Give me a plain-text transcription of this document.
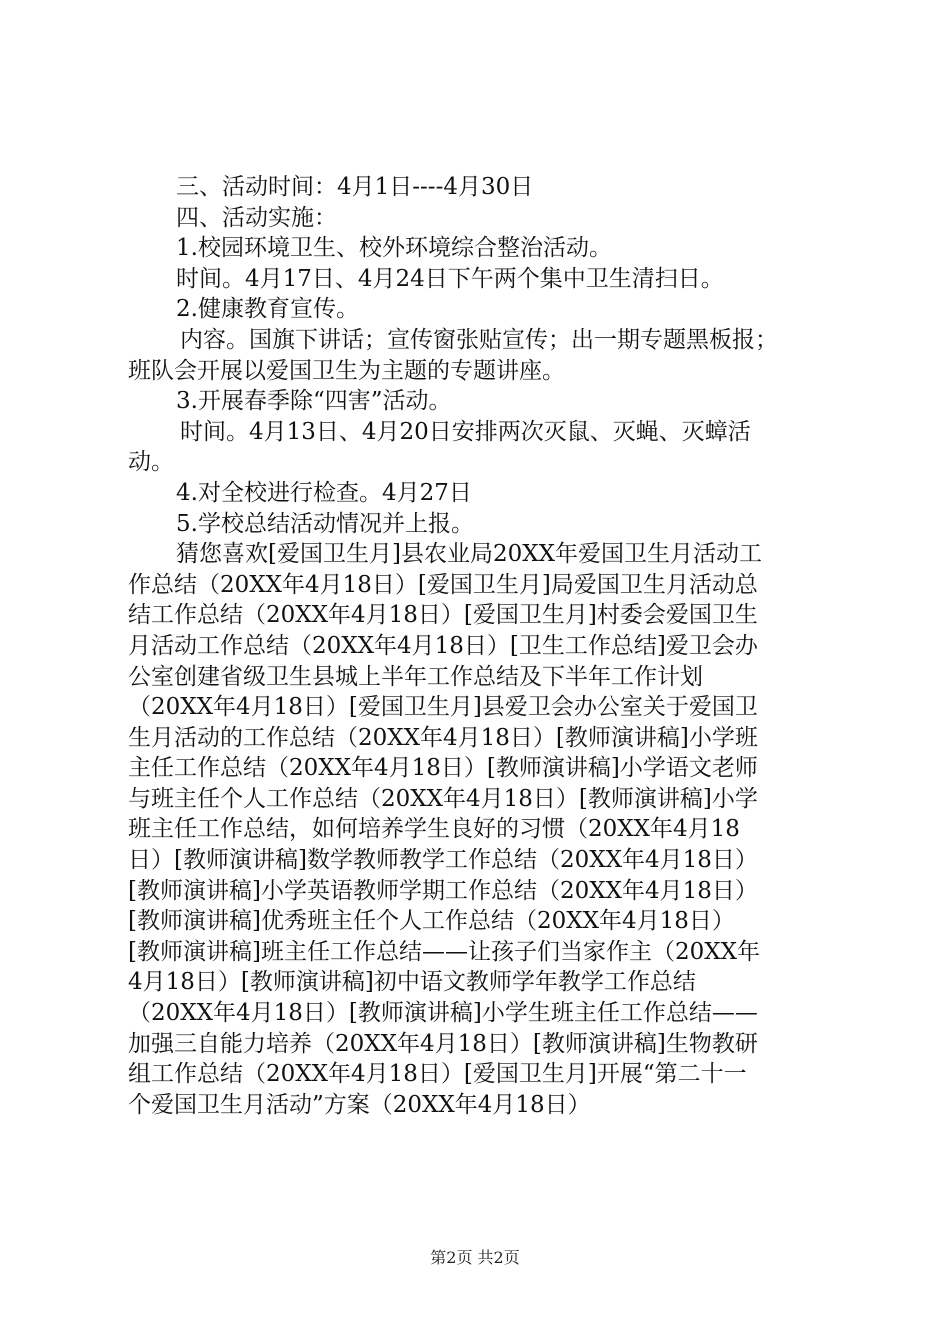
三、活动时间：4月1日----4月30日
四、活动实施：
1.校园环境卫生、校外环境综合整治活动。
时间。4月17日、4月24日下午两个集中卫生清扫日。
2.健康教育宣传。
内容。国旗下讲话；宣传窗张贴宣传；出一期专题黑板报；
班队会开展以爱国卫生为主题的专题讲座。
3.开展春季除“四害”活动。
时间。4月13日、4月20日安排两次灭鼠、灭蝇、灭蟑活
动。
4.对全校进行检查。4月27日
5.学校总结活动情况并上报。
猜您喜欢[爱国卫生月]县农业局20XX年爱国卫生月活动工
作总结（20XX年4月18日）[爱国卫生月]局爱国卫生月活动总
结工作总结（20XX年4月18日）[爱国卫生月]村委会爱国卫生
月活动工作总结（20XX年4月18日）[卫生工作总结]爱卫会办
公室创建省级卫生县城上半年工作总结及下半年工作计划
（20XX年4月18日）[爱国卫生月]县爱卫会办公室关于爱国卫
生月活动的工作总结（20XX年4月18日）[教师演讲稿]小学班
主任工作总结（20XX年4月18日）[教师演讲稿]小学语文老师
与班主任个人工作总结（20XX年4月18日）[教师演讲稿]小学
班主任工作总结，如何培养学生良好的习惯（20XX年4月18
日）[教师演讲稿]数学教师教学工作总结（20XX年4月18日）
[教师演讲稿]小学英语教师学期工作总结（20XX年4月18日）
[教师演讲稿]优秀班主任个人工作总结（20XX年4月18日）
[教师演讲稿]班主任工作总结——让孩子们当家作主（20XX年
4月18日）[教师演讲稿]初中语文教师学年教学工作总结
（20XX年4月18日）[教师演讲稿]小学生班主任工作总结——
加强三自能力培养（20XX年4月18日）[教师演讲稿]生物教研
组工作总结（20XX年4月18日）[爱国卫生月]开展“第二十一
个爱国卫生月活动”方案（20XX年4月18日）
第2页 共2页
